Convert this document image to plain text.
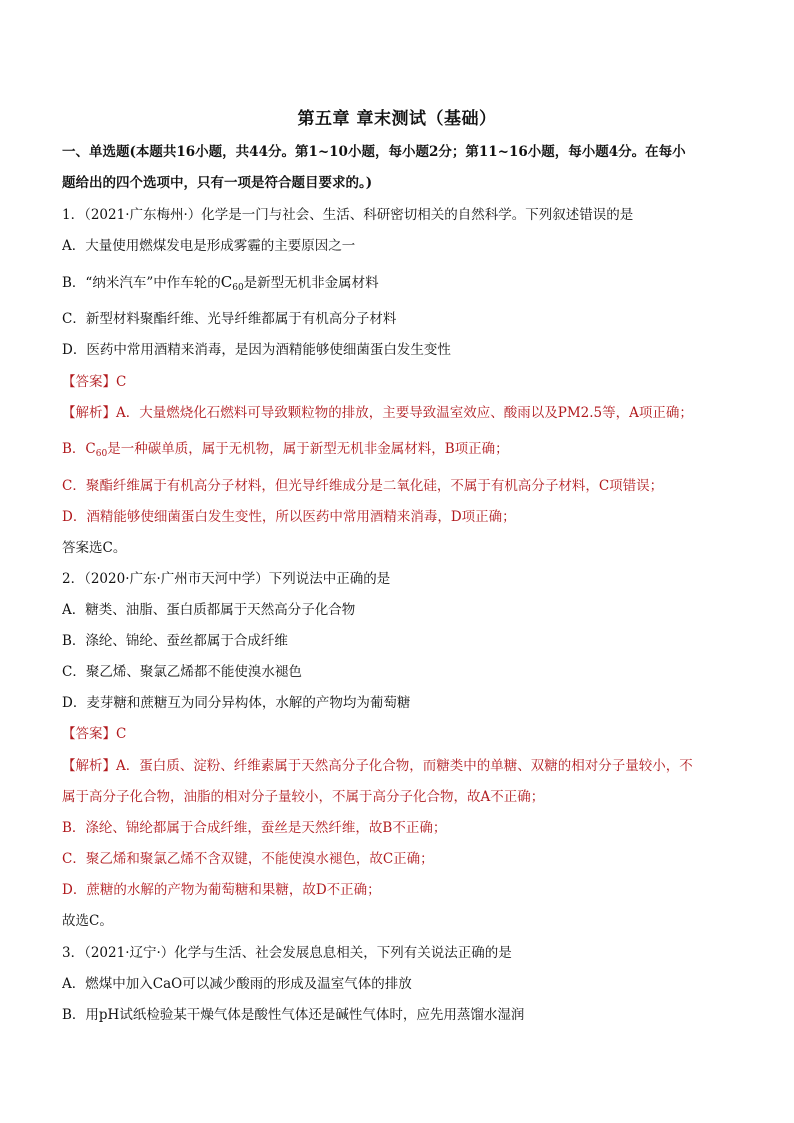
第五章 章末测试（基础）
一、单选题(本题共16小题，共44分。第1~10小题，每小题2分；第11~16小题，每小题4分。在每小
题给出的四个选项中，只有一项是符合题目要求的。)
1．（2021·广东梅州·）化学是一门与社会、生活、科研密切相关的自然科学。下列叙述错误的是
A．大量使用燃煤发电是形成雾霾的主要原因之一
B．“纳米汽车”中作车轮的$C_{60}$是新型无机非金属材料
C．新型材料聚酯纤维、光导纤维都属于有机高分子材料
D．医药中常用酒精来消毒，是因为酒精能够使细菌蛋白发生变性
【答案】C
【解析】A．大量燃烧化石燃料可导致颗粒物的排放，主要导致温室效应、酸雨以及PM2.5等，A项正确；
B．$C_{60}$是一种碳单质，属于无机物，属于新型无机非金属材料，B项正确；
C．聚酯纤维属于有机高分子材料，但光导纤维成分是二氧化硅，不属于有机高分子材料，C项错误；
D．酒精能够使细菌蛋白发生变性，所以医药中常用酒精来消毒，D项正确；
答案选C。
2．（2020·广东·广州市天河中学）下列说法中正确的是
A．糖类、油脂、蛋白质都属于天然高分子化合物
B．涤纶、锦纶、蚕丝都属于合成纤维
C．聚乙烯、聚氯乙烯都不能使溴水褪色
D．麦芽糖和蔗糖互为同分异构体，水解的产物均为葡萄糖
【答案】C
【解析】A．蛋白质、淀粉、纤维素属于天然高分子化合物，而糖类中的单糖、双糖的相对分子量较小，不
属于高分子化合物，油脂的相对分子量较小，不属于高分子化合物，故A不正确；
B．涤纶、锦纶都属于合成纤维，蚕丝是天然纤维，故B不正确；
C．聚乙烯和聚氯乙烯不含双键，不能使溴水褪色，故C正确；
D．蔗糖的水解的产物为葡萄糖和果糖，故D不正确；
故选C。
3．（2021·辽宁·）化学与生活、社会发展息息相关，下列有关说法正确的是
A．燃煤中加入CaO可以减少酸雨的形成及温室气体的排放
B．用pH试纸检验某干燥气体是酸性气体还是碱性气体时，应先用蒸馏水湿润
